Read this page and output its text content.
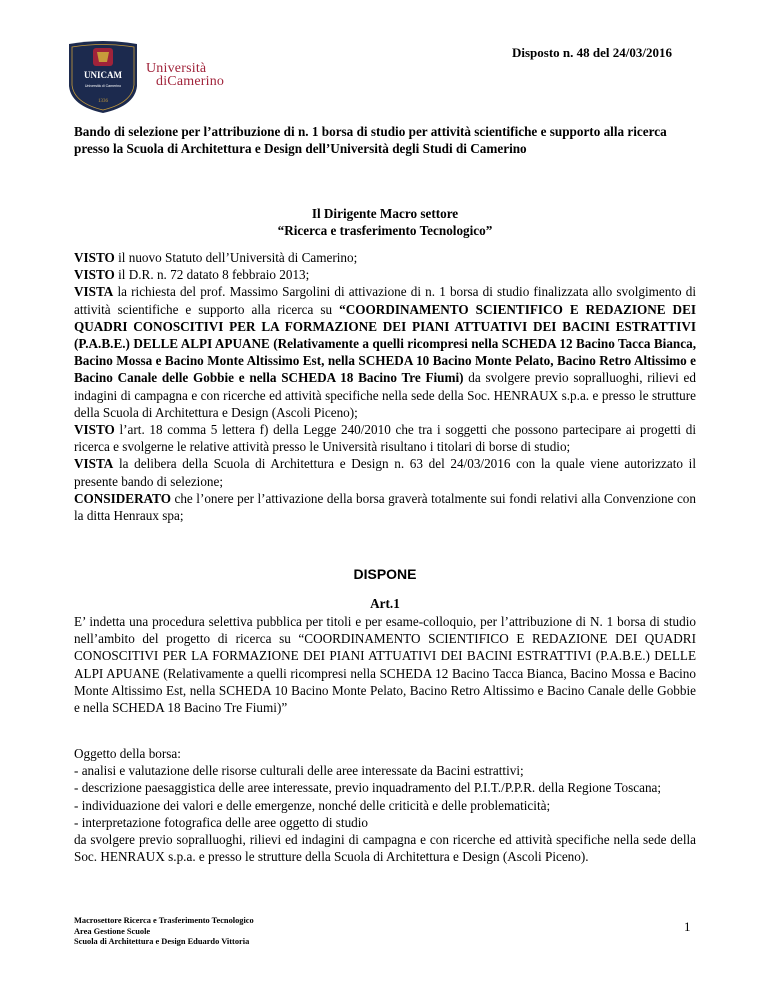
UNICAM
Università di Camerino
1336
Università
diCamerino
Disposto n. 48 del 24/03/2016
Bando di selezione per l’attribuzione di n. 1 borsa di studio per attività scientifiche e supporto alla ricerca presso la Scuola di Architettura e Design dell’Università degli Studi di Camerino
Il Dirigente Macro settore
“Ricerca e trasferimento Tecnologico”

VISTO il nuovo Statuto dell’Università di Camerino;

VISTO il D.R. n. 72 datato 8 febbraio 2013;

VISTA la richiesta del prof. Massimo Sargolini di attivazione di n. 1 borsa di studio finalizzata allo svolgimento di attività scientifiche e supporto alla ricerca su “COORDINAMENTO SCIENTIFICO E REDAZIONE DEI QUADRI CONOSCITIVI PER LA FORMAZIONE DEI PIANI ATTUATIVI DEI BACINI ESTRATTIVI (P.A.B.E.) DELLE ALPI APUANE (Relativamente a quelli ricompresi nella SCHEDA 12 Bacino Tacca Bianca, Bacino Mossa e Bacino Monte Altissimo Est, nella SCHEDA 10 Bacino Monte Pelato, Bacino Retro Altissimo e Bacino Canale delle Gobbie e nella SCHEDA 18 Bacino Tre Fiumi) da svolgere previo sopralluoghi, rilievi ed indagini di campagna e con ricerche ed attività specifiche nella sede della Soc. HENRAUX s.p.a. e presso le strutture della Scuola di Architettura e Design (Ascoli Piceno);

VISTO l’art. 18 comma 5 lettera f) della Legge 240/2010 che tra i soggetti che possono partecipare ai progetti di ricerca e svolgerne le relative attività presso le Università risultano i titolari di borse di studio;

VISTA la delibera della Scuola di Architettura e Design n. 63 del 24/03/2016 con la quale viene autorizzato il presente bando di selezione;

CONSIDERATO che l’onere per l’attivazione della borsa graverà totalmente sui fondi relativi alla Convenzione con la ditta Henraux spa;

DISPONE
Art.1

E’ indetta una procedura selettiva pubblica per titoli e per esame-colloquio, per l’attribuzione di N. 1 borsa di studio nell’ambito del progetto di ricerca su “COORDINAMENTO SCIENTIFICO E REDAZIONE DEI QUADRI CONOSCITIVI PER LA FORMAZIONE DEI PIANI ATTUATIVI DEI BACINI ESTRATTIVI (P.A.B.E.) DELLE ALPI APUANE (Relativamente a quelli ricompresi nella SCHEDA 12 Bacino Tacca Bianca, Bacino Mossa e Bacino Monte Altissimo Est, nella SCHEDA 10 Bacino Monte Pelato, Bacino Retro Altissimo e Bacino Canale delle Gobbie e nella SCHEDA 18 Bacino Tre Fiumi)”

Oggetto della borsa:

- analisi e valutazione delle risorse culturali delle aree interessate da Bacini estrattivi;

- descrizione paesaggistica delle aree interessate, previo inquadramento del P.I.T./P.P.R. della Regione Toscana;

- individuazione dei valori e delle emergenze, nonché delle criticità e delle problematicità;

- interpretazione fotografica delle aree oggetto di studio

da svolgere previo sopralluoghi, rilievi ed indagini di campagna e con ricerche ed attività specifiche nella sede della Soc. HENRAUX s.p.a. e presso le strutture della Scuola di Architettura e Design (Ascoli Piceno).

Macrosettore Ricerca e Trasferimento Tecnologico
Area Gestione Scuole
Scuola di Architettura e Design Eduardo Vittoria
1
